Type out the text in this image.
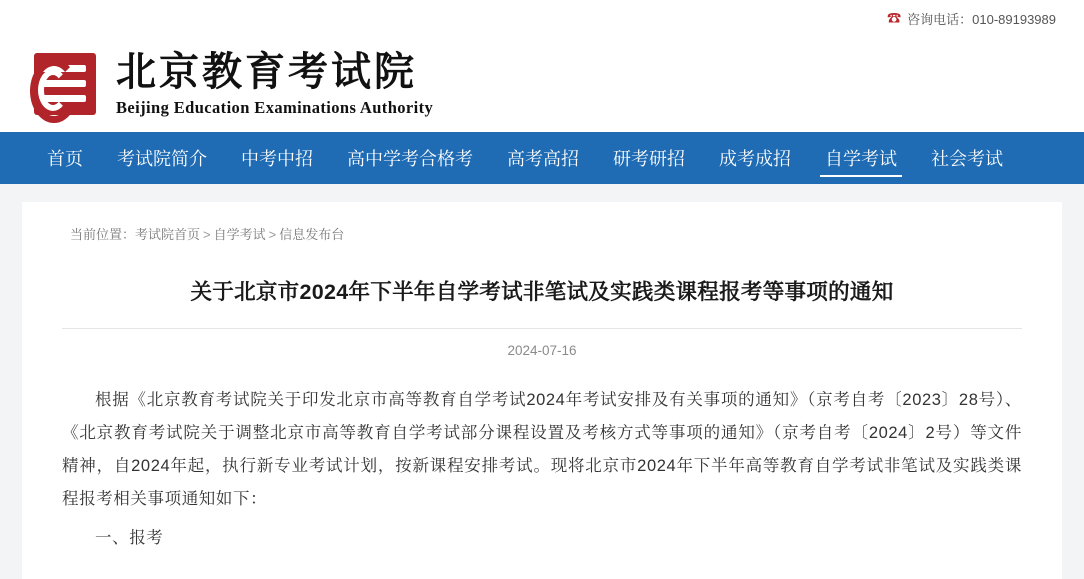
☎ 咨询电话：010-89193989
北京教育考试院
Beijing Education Examinations Authority
首页	考试院简介	中考中招	高中学考合格考	高考高招	研考研招	成考成招	自学考试	社会考试
当前位置：考试院首页 > 自学考试 > 信息发布台
关于北京市2024年下半年自学考试非笔试及实践类课程报考等事项的通知
2024-07-16

根据《北京教育考试院关于印发北京市高等教育自学考试2024年考试安排及有关事项的通知》（京考自考〔2023〕28号）、《北京教育考试院关于调整北京市高等教育自学考试部分课程设置及考核方式等事项的通知》（京考自考〔2024〕2号）等文件精神，自2024年起，执行新专业考试计划，按新课程安排考试。现将北京市2024年下半年高等教育自学考试非笔试及实践类课程报考相关事项通知如下：

一、报考
